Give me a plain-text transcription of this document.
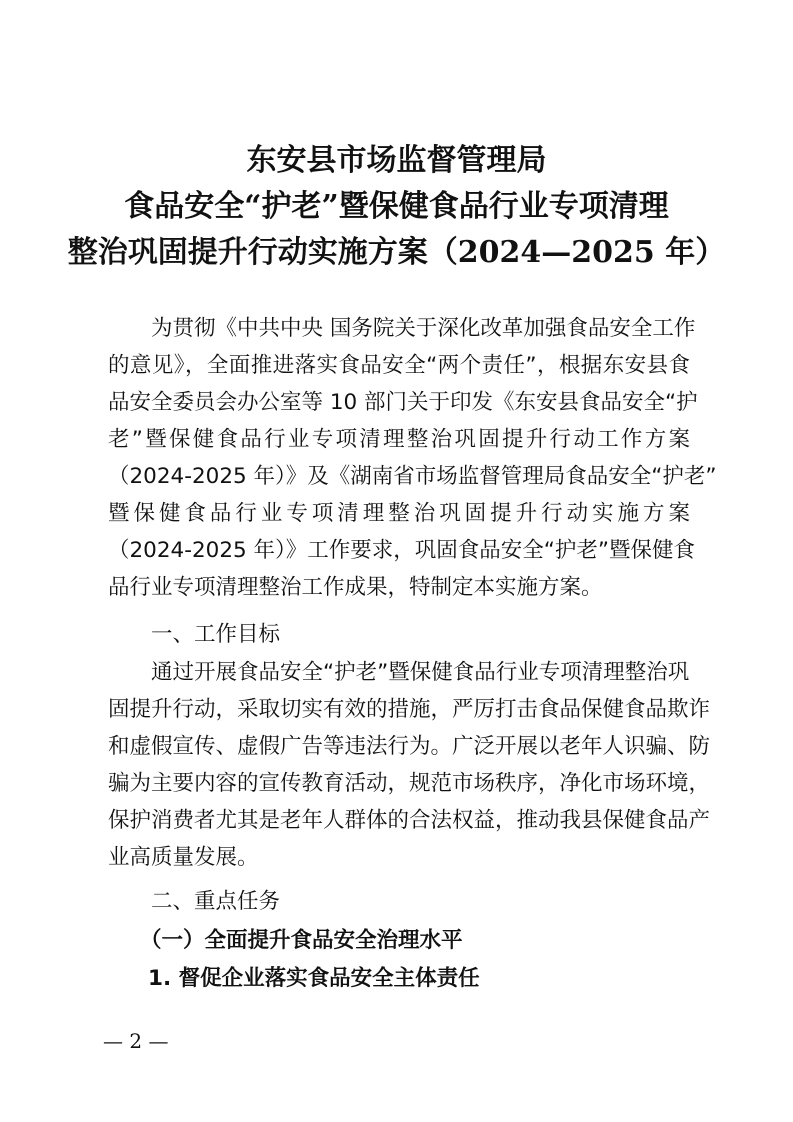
东安县市场监督管理局
食品安全“护老”暨保健食品行业专项清理
整治巩固提升行动实施方案（2024—2025 年）
为贯彻《中共中央 国务院关于深化改革加强食品安全工作
的意见》，全面推进落实食品安全“两个责任”，根据东安县食
品安全委员会办公室等 10 部门关于印发《东安县食品安全“护
老”暨保健食品行业专项清理整治巩固提升行动工作方案
（2024-2025 年）》及《湖南省市场监督管理局食品安全“护老”
暨保健食品行业专项清理整治巩固提升行动实施方案
（2024-2025 年）》工作要求，巩固食品安全“护老”暨保健食
品行业专项清理整治工作成果，特制定本实施方案。
一、工作目标
通过开展食品安全“护老”暨保健食品行业专项清理整治巩
固提升行动，采取切实有效的措施，严厉打击食品保健食品欺诈
和虚假宣传、虚假广告等违法行为。广泛开展以老年人识骗、防
骗为主要内容的宣传教育活动，规范市场秩序，净化市场环境，
保护消费者尤其是老年人群体的合法权益，推动我县保健食品产
业高质量发展。
二、重点任务
（一）全面提升食品安全治理水平
1. 督促企业落实食品安全主体责任
— 2 —
